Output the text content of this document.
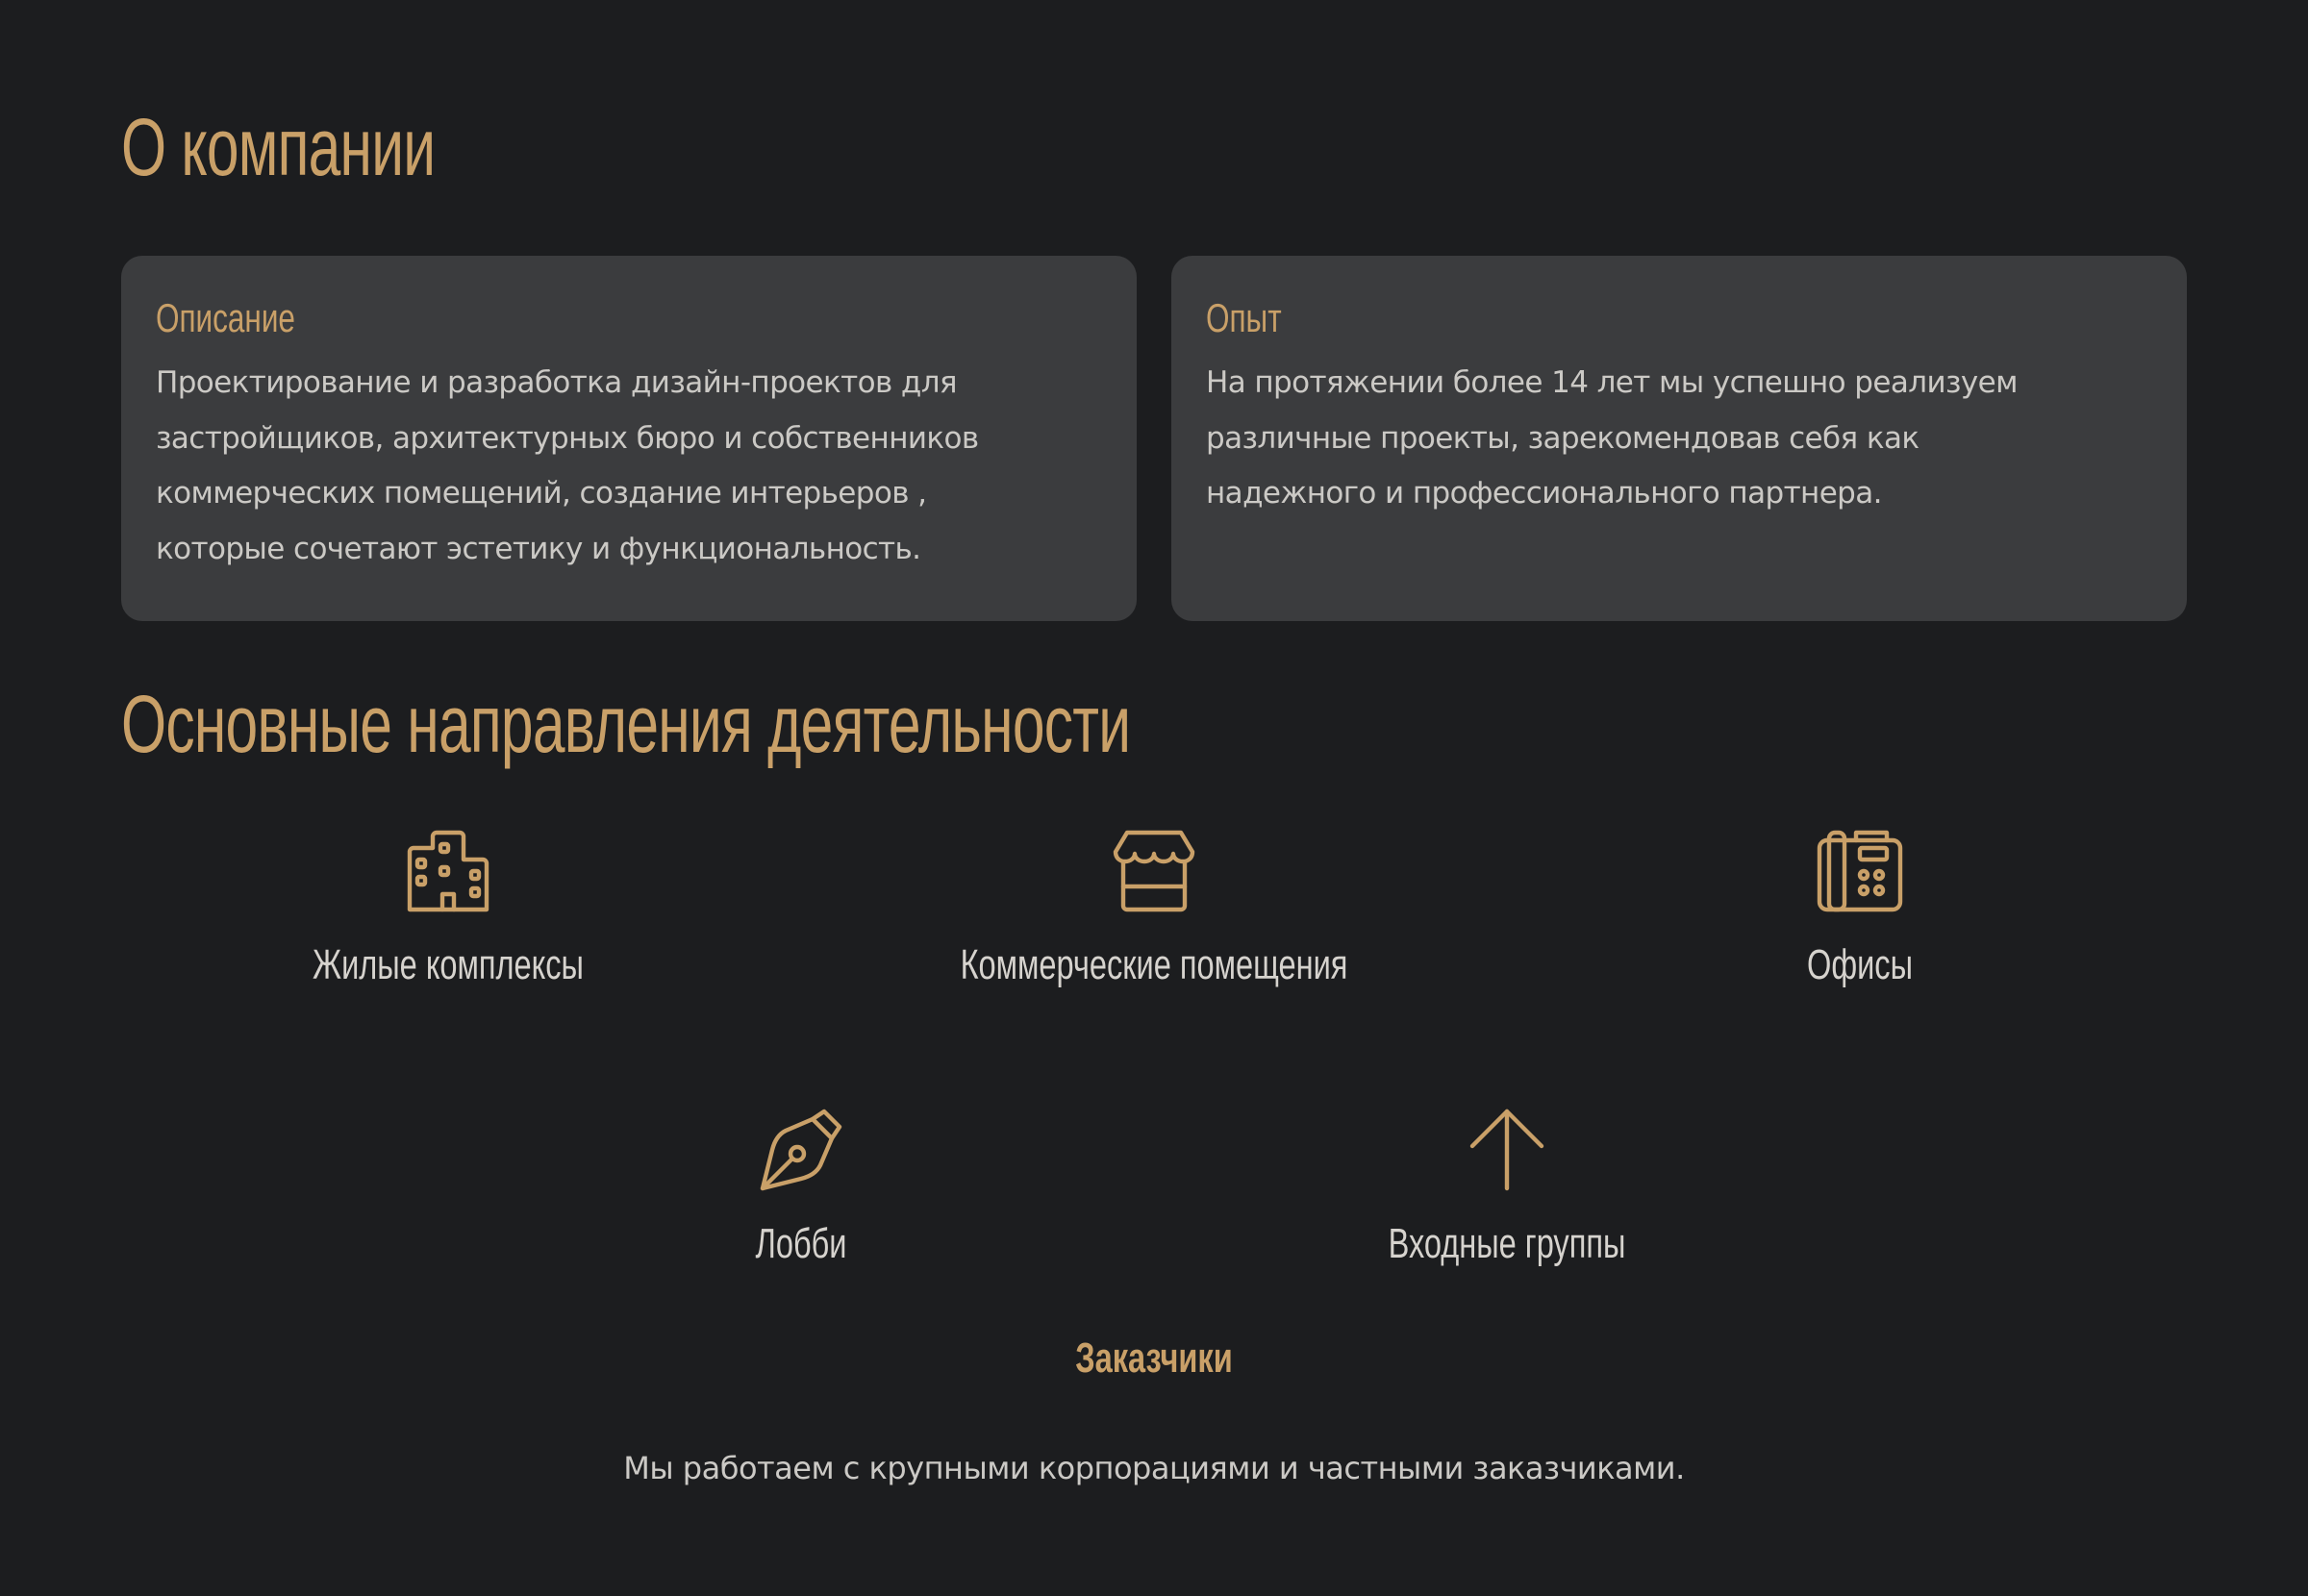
О компании
Описание

Проектирование и разработка дизайн-проектов для
застройщиков, архитектурных бюро и собственников
коммерческих помещений, создание интерьеров ,
которые сочетают эстетику и функциональность.

Опыт

На протяжении более 14 лет мы успешно реализуем
различные проекты, зарекомендовав себя как
надежного и профессионального партнера.

Основные направления деятельности
Жилые комплексы	Коммерческие помещения	Офисы
Лобби	Входные группы
Заказчики

Мы работаем с крупными корпорациями и частными заказчиками.
